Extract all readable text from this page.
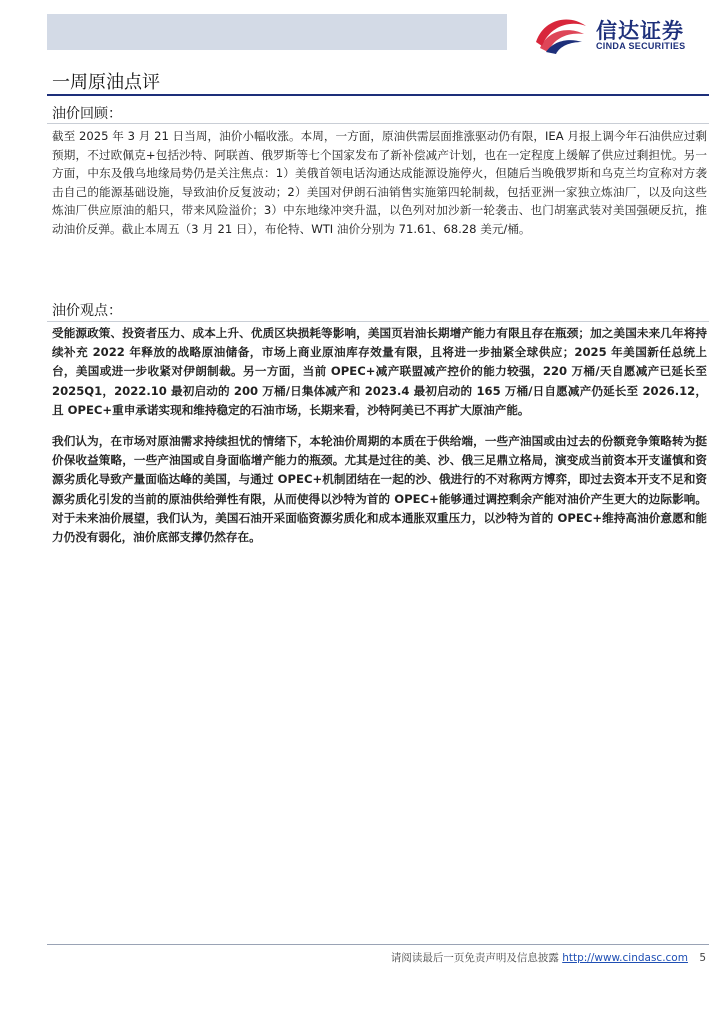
信达证券
CINDA SECURITIES
一周原油点评
油价回顾：

截至 2025 年 3 月 21 日当周，油价小幅收涨。本周，一方面，原油供需层面推涨驱动仍有限，IEA 月报上调今年石油供应过剩预期，不过欧佩克+包括沙特、阿联酋、俄罗斯等七个国家发布了新补偿减产计划，也在一定程度上缓解了供应过剩担忧。另一方面，中东及俄乌地缘局势仍是关注焦点：1）美俄首领电话沟通达成能源设施停火，但随后当晚俄罗斯和乌克兰均宣称对方袭击自己的能源基础设施，导致油价反复波动；2）美国对伊朗石油销售实施第四轮制裁，包括亚洲一家独立炼油厂，以及向这些炼油厂供应原油的船只，带来风险溢价；3）中东地缘冲突升温，以色列对加沙新一轮袭击、也门胡塞武装对美国强硬反抗，推动油价反弹。截止本周五（3 月 21 日），布伦特、WTI 油价分别为 71.61、68.28 美元/桶。

油价观点：

受能源政策、投资者压力、成本上升、优质区块损耗等影响，美国页岩油长期增产能力有限且存在瓶颈；加之美国未来几年将持续补充 2022 年释放的战略原油储备，市场上商业原油库存效量有限，且将进一步抽紧全球供应；2025 年美国新任总统上台，美国或进一步收紧对伊朗制裁。另一方面，当前 OPEC+减产联盟减产控价的能力较强，220 万桶/天自愿减产已延长至 2025Q1，2022.10 最初启动的 200 万桶/日集体减产和 2023.4 最初启动的 165 万桶/日自愿减产仍延长至 2026.12，且 OPEC+重申承诺实现和维持稳定的石油市场，长期来看，沙特阿美已不再扩大原油产能。

我们认为，在市场对原油需求持续担忧的情绪下，本轮油价周期的本质在于供给端，一些产油国或由过去的份额竞争策略转为挺价保收益策略，一些产油国或自身面临增产能力的瓶颈。尤其是过往的美、沙、俄三足鼎立格局，演变成当前资本开支谨慎和资源劣质化导致产量面临达峰的美国，与通过 OPEC+机制团结在一起的沙、俄进行的不对称两方博弈，即过去资本开支不足和资源劣质化引发的当前的原油供给弹性有限，从而使得以沙特为首的 OPEC+能够通过调控剩余产能对油价产生更大的边际影响。对于未来油价展望，我们认为，美国石油开采面临资源劣质化和成本通胀双重压力，以沙特为首的 OPEC+维持高油价意愿和能力仍没有弱化，油价底部支撑仍然存在。

请阅读最后一页免责声明及信息披露 http://www.cindasc.com 5
